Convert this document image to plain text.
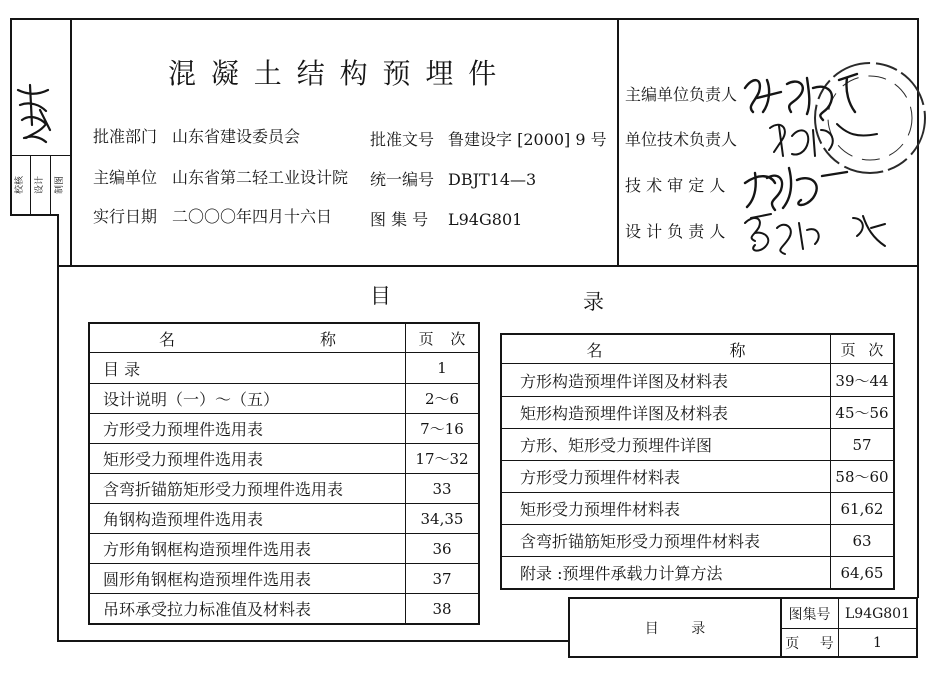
校核 设计 制图
混 凝 土 结 构 预 埋 件
批准部门 山东省建设委员会	批准文号 鲁建设字 [2000] 9 号
主编单位 山东省第二轻工业设计院 统一编号 DBJT14—3
实行日期 二〇〇〇年四月十六日 图 集 号 L94G801
主编单位负责人
单位技术负责人
技 术 审 定 人
设 计 负 责 人
目	录
名 称	页 次
目 录	1
设计说明（一）～（五）	2～6
方形受力预埋件选用表	7～16
矩形受力预埋件选用表	17～32
含弯折锚筋矩形受力预埋件选用表	33
角钢构造预埋件选用表	34,35
方形角钢框构造预埋件选用表	36
圆形角钢框构造预埋件选用表	37
吊环承受拉力标准值及材料表	38
名 称	页 次
方形构造预埋件详图及材料表	39～44
矩形构造预埋件详图及材料表	45～56
方形、矩形受力预埋件详图	57
方形受力预埋件材料表	58～60
矩形受力预埋件材料表	61,62
含弯折锚筋矩形受力预埋件材料表	63
附录 :预埋件承载力计算方法	64,65
目 录
图集号	L94G801
页 号	1
